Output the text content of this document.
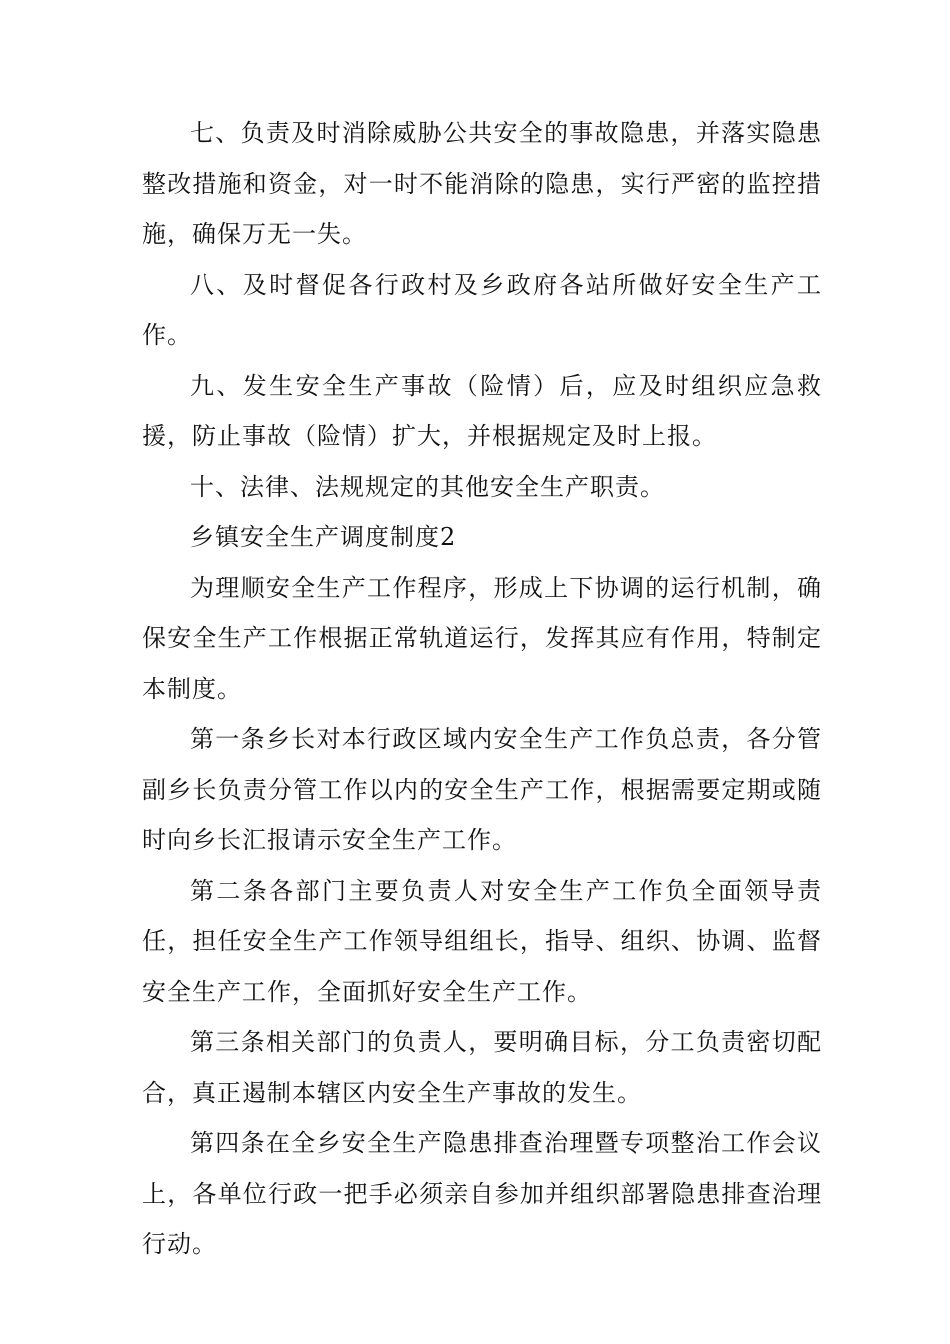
七、负责及时消除威胁公共安全的事故隐患，并落实隐患整改措施和资金，对一时不能消除的隐患，实行严密的监控措施，确保万无一失。

八、及时督促各行政村及乡政府各站所做好安全生产工作。

九、发生安全生产事故（险情）后，应及时组织应急救援，防止事故（险情）扩大，并根据规定及时上报。

十、法律、法规规定的其他安全生产职责。

乡镇安全生产调度制度2

为理顺安全生产工作程序，形成上下协调的运行机制，确保安全生产工作根据正常轨道运行，发挥其应有作用，特制定本制度。

第一条乡长对本行政区域内安全生产工作负总责，各分管副乡长负责分管工作以内的安全生产工作，根据需要定期或随时向乡长汇报请示安全生产工作。

第二条各部门主要负责人对安全生产工作负全面领导责任，担任安全生产工作领导组组长，指导、组织、协调、监督安全生产工作，全面抓好安全生产工作。

第三条相关部门的负责人，要明确目标，分工负责密切配合，真正遏制本辖区内安全生产事故的发生。

第四条在全乡安全生产隐患排查治理暨专项整治工作会议上，各单位行政一把手必须亲自参加并组织部署隐患排查治理行动。
